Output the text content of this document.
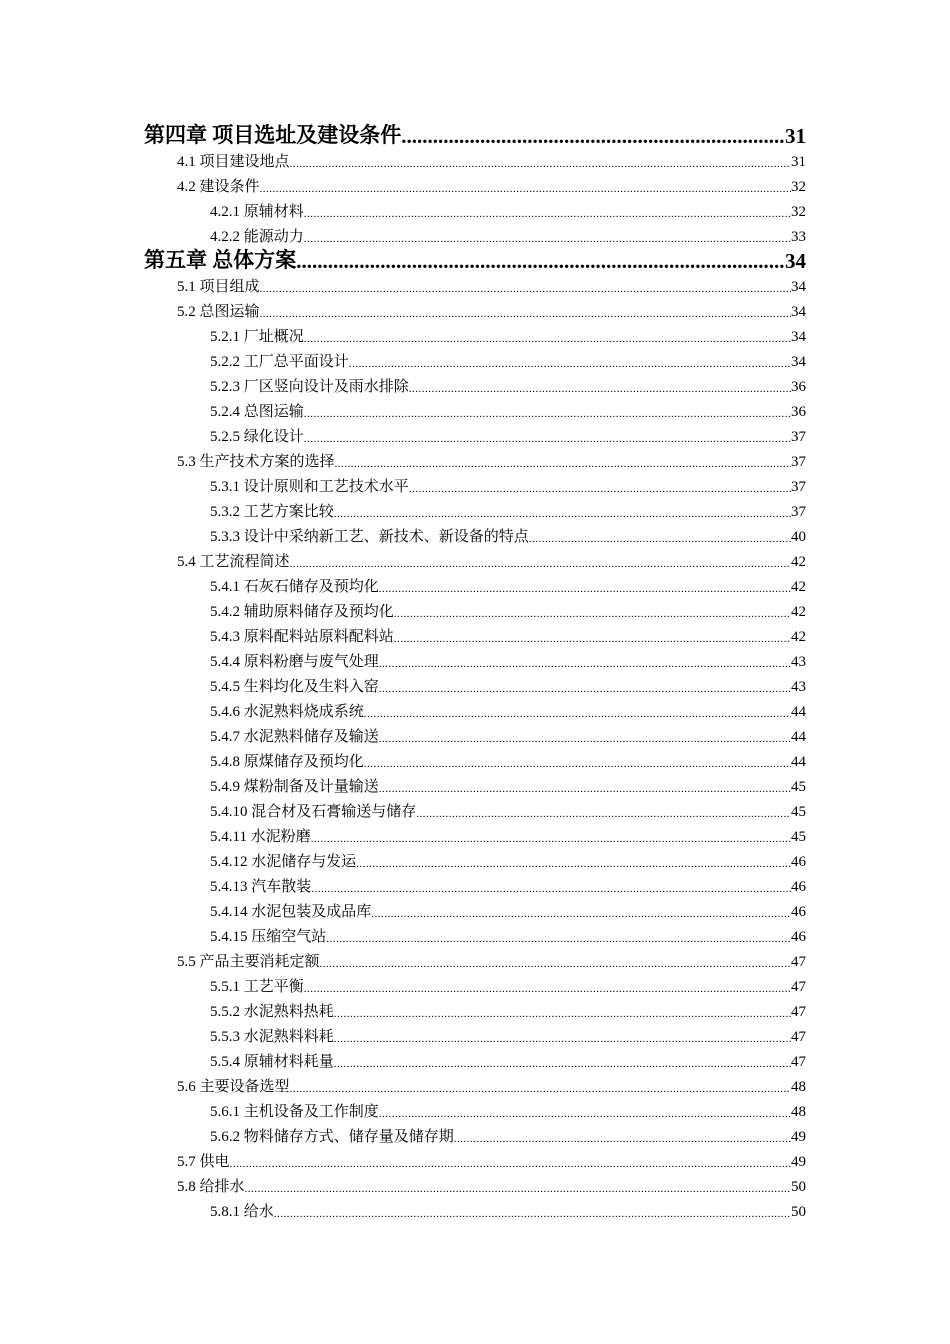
第四章 项目选址及建设条件 .....	31
4.1 项目建设地点 .....	31
4.2 建设条件 .....	32
4.2.1 原辅材料 .....	32
4.2.2 能源动力 .....	33
第五章 总体方案 .....	34
5.1 项目组成 .....	34
5.2 总图运输 .....	34
5.2.1 厂址概况 .....	34
5.2.2 工厂总平面设计 .....	34
5.2.3 厂区竖向设计及雨水排除 .....	36
5.2.4 总图运输 .....	36
5.2.5 绿化设计 .....	37
5.3 生产技术方案的选择 .....	37
5.3.1 设计原则和工艺技术水平 .....	37
5.3.2 工艺方案比较 .....	37
5.3.3 设计中采纳新工艺、新技术、新设备的特点 .....	40
5.4 工艺流程简述 .....	42
5.4.1 石灰石储存及预均化 .....	42
5.4.2 辅助原料储存及预均化 .....	42
5.4.3 原料配料站原料配料站 .....	42
5.4.4 原料粉磨与废气处理 .....	43
5.4.5 生料均化及生料入窑 .....	43
5.4.6 水泥熟料烧成系统 .....	44
5.4.7 水泥熟料储存及输送 .....	44
5.4.8 原煤储存及预均化 .....	44
5.4.9 煤粉制备及计量输送 .....	45
5.4.10 混合材及石膏输送与储存 .....	45
5.4.11 水泥粉磨 .....	45
5.4.12 水泥储存与发运 .....	46
5.4.13 汽车散装 .....	46
5.4.14 水泥包装及成品库 .....	46
5.4.15 压缩空气站 .....	46
5.5 产品主要消耗定额 .....	47
5.5.1 工艺平衡 .....	47
5.5.2 水泥熟料热耗 .....	47
5.5.3 水泥熟料料耗 .....	47
5.5.4 原辅材料耗量 .....	47
5.6 主要设备选型 .....	48
5.6.1 主机设备及工作制度 .....	48
5.6.2 物料储存方式、储存量及储存期 .....	49
5.7 供电 .....	49
5.8 给排水 .....	50
5.8.1 给水 .....	50
